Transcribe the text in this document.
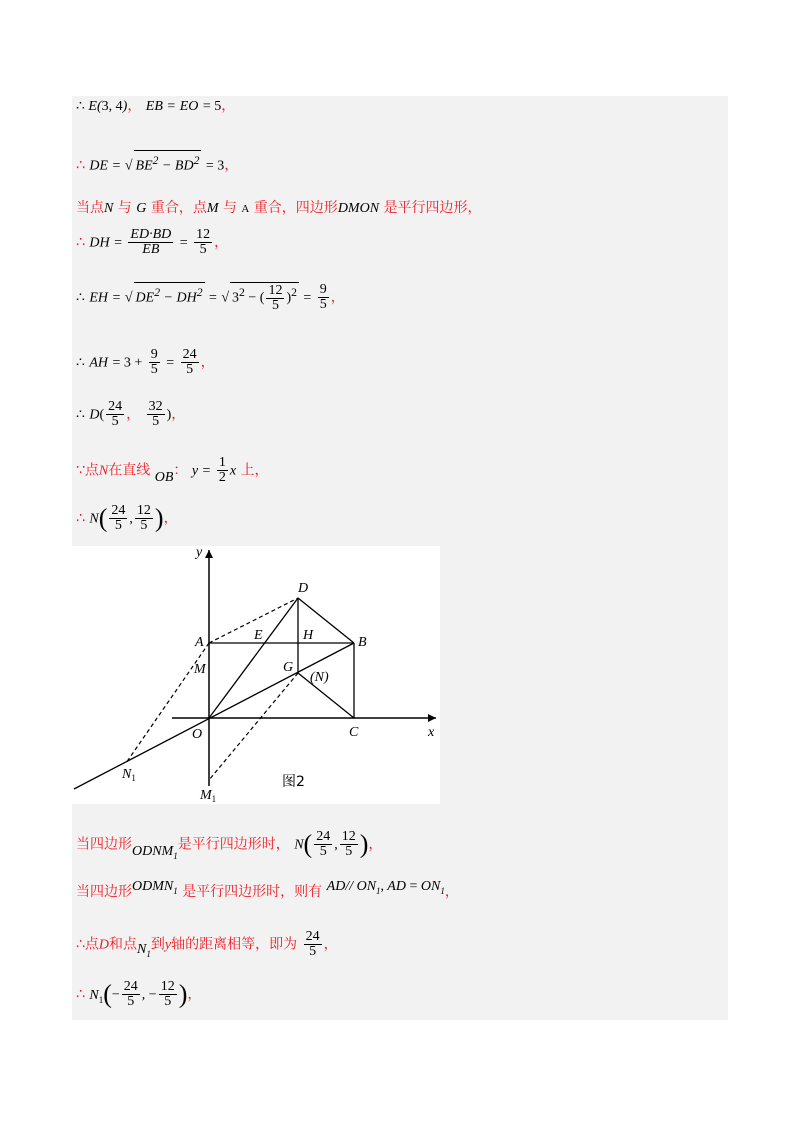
∴ E(3, 4)， EB = EO = 5，
∴ DE = √ $BE^2 - BD^2 = 3$，
当点N 与 G 重合，点M 与 A 重合，四边形DMON 是平行四边形，
∴ DH = $\frac{ED\cdot BD}{EB} = \frac{12}{5}$ ，
∴ EH = √ $DE^2 - DH^2$ = √ $3^2$ − ( $\frac{12}{5} )^2 = \frac{9}{5}$ ，
∴ AH = $3 + \frac{9}{5} = \frac{24}{5}$ ，
∴ $D( \frac{24}{5}$ ， $\frac{32}{5}$ )，
∵点N在直线 OB： $y = \frac{1}{2}$ x 上，
∴ $N( \frac{24}{5}$ , $\frac{12}{5}$ )，
y
x
D
A	E	H	B
M	G
(N)
O	C
$N_1$
$M_1$
图2
当四边形$ODNM_1$是平行四边形时， $N( \frac{24}{5}$ , $\frac{12}{5}$ )，
当四边形$ODMN_1$ 是平行四边形时，则有 AD// $ON_1$, AD = $ON_1$，
∴点D和点$N_1$到y轴的距离相等，即为 $\frac{24}{5}$ ，
∴ $N_1(- \frac{24}{5}$ , − $\frac{12}{5}$ )，
